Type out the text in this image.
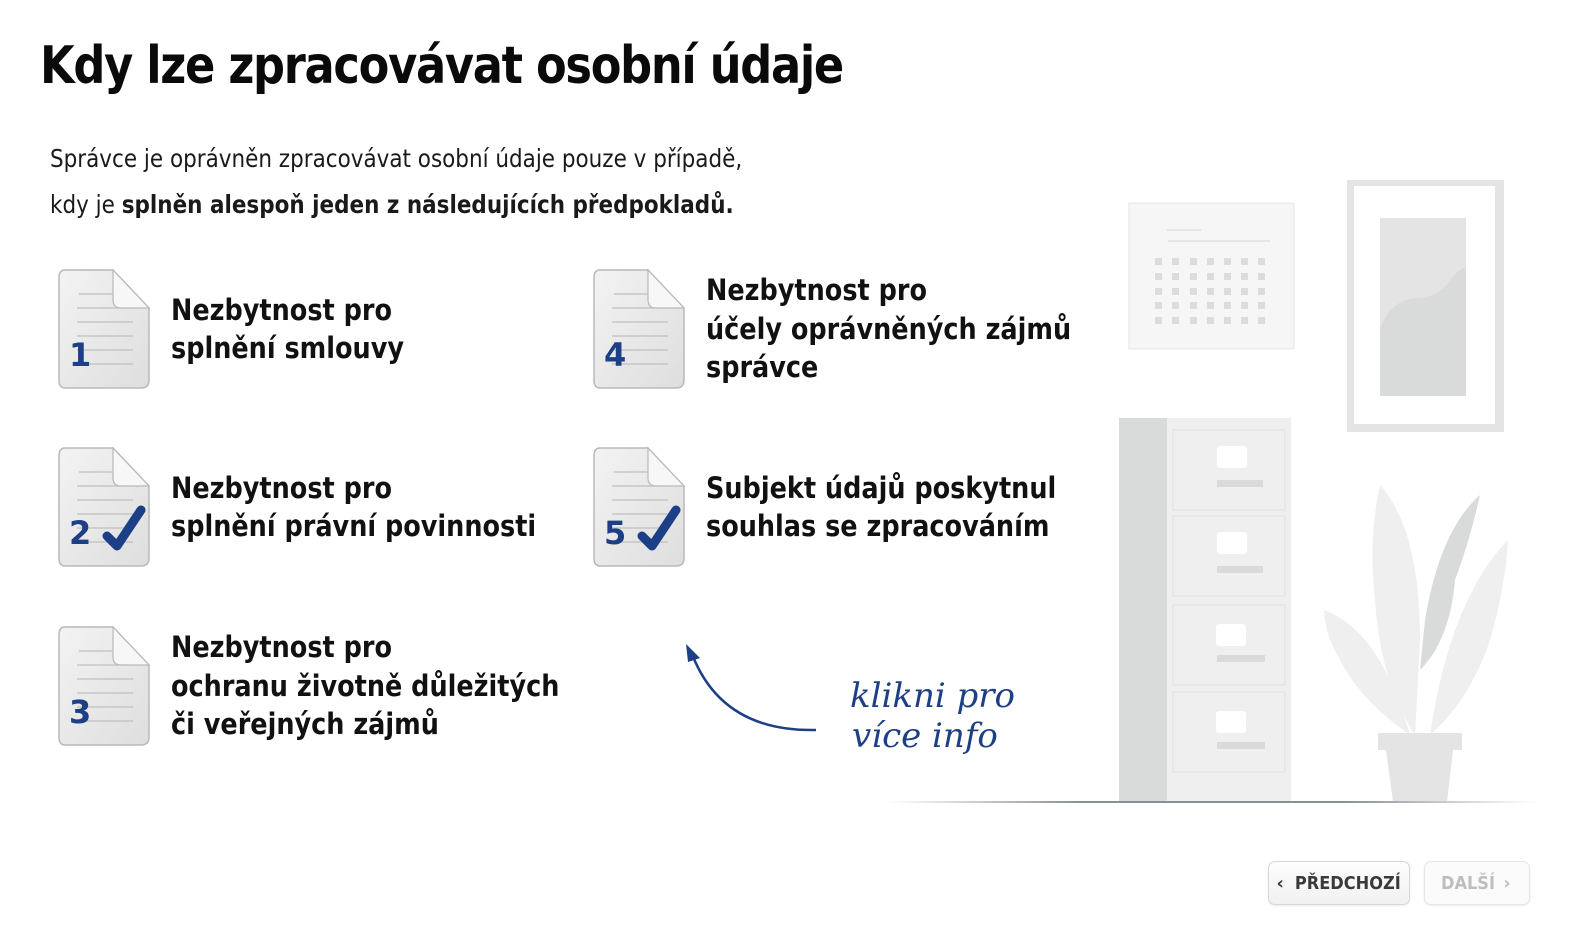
Kdy lze zpracovávat osobní údaje
Správce je oprávněn zpracovávat osobní údaje pouze v případě,
kdy je splněn alespoň jeden z následujících předpokladů.
1
Nezbytnost pro
splnění smlouvy
2
Nezbytnost pro
splnění právní povinnosti
3
Nezbytnost pro
ochranu životně důležitých
či veřejných zájmů
4
Nezbytnost pro
účely oprávněných zájmů
správce
5
Subjekt údajů poskytnul
souhlas se zpracováním
klikni pro
více info
‹ PŘEDCHOZÍ DALŠÍ ›
